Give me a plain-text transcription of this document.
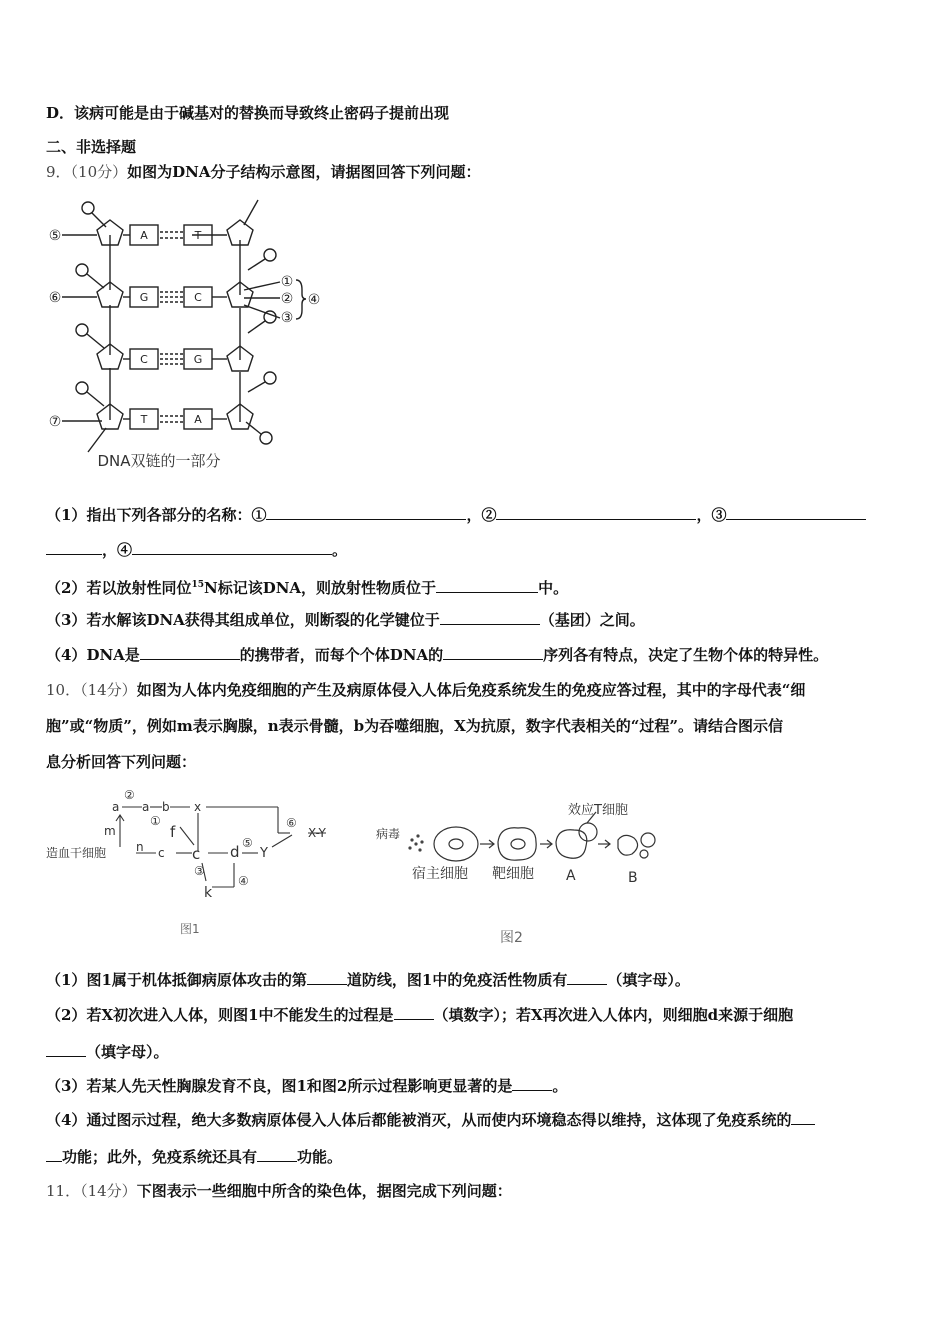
D．该病可能是由于碱基对的替换而导致终止密码子提前出现
二、非选择题
9．（10分）如图为DNA分子结构示意图，请据图回答下列问题：
A
G
C
T
T
C
G
A
⑤
⑥
⑦
①
②
③
④
DNA双链的一部分
（1）指出下列各部分的名称：①	，②	，③
，④	。
（2）若以放射性同位$^{15}$N标记该DNA，则放射性物质位于	中。
（3）若水解该DNA获得其组成单位，则断裂的化学键位于	（基团）之间。
（4）DNA是	的携带者，而每个个体DNA的	序列各有特点，决定了生物个体的特异性。
10．（14分）如图为人体内免疫细胞的产生及病原体侵入人体后免疫系统发生的免疫应答过程，其中的字母代表“细
胞”或“物质”，例如m表示胸腺，n表示骨髓，b为吞噬细胞，X为抗原，数字代表相关的“过程”。请结合图示信
息分析回答下列问题：
造血干细胞
a a b x
m
n
f
c c d Y
k
X-Y
②
①
③
⑤
⑥
④
图1
病毒
宿主细胞 靶细胞
效应T细胞
A	B
图2
（1）图1属于机体抵御病原体攻击的第	道防线，图1中的免疫活性物质有	（填字母）。
（2）若X初次进入人体，则图1中不能发生的过程是	（填数字）；若X再次进入人体内，则细胞d来源于细胞
（填字母）。
（3）若某人先天性胸腺发育不良，图1和图2所示过程影响更显著的是	。
（4）通过图示过程，绝大多数病原体侵入人体后都能被消灭，从而使内环境稳态得以维持，这体现了免疫系统的
功能；此外，免疫系统还具有	功能。
11．（14分）下图表示一些细胞中所含的染色体，据图完成下列问题：
